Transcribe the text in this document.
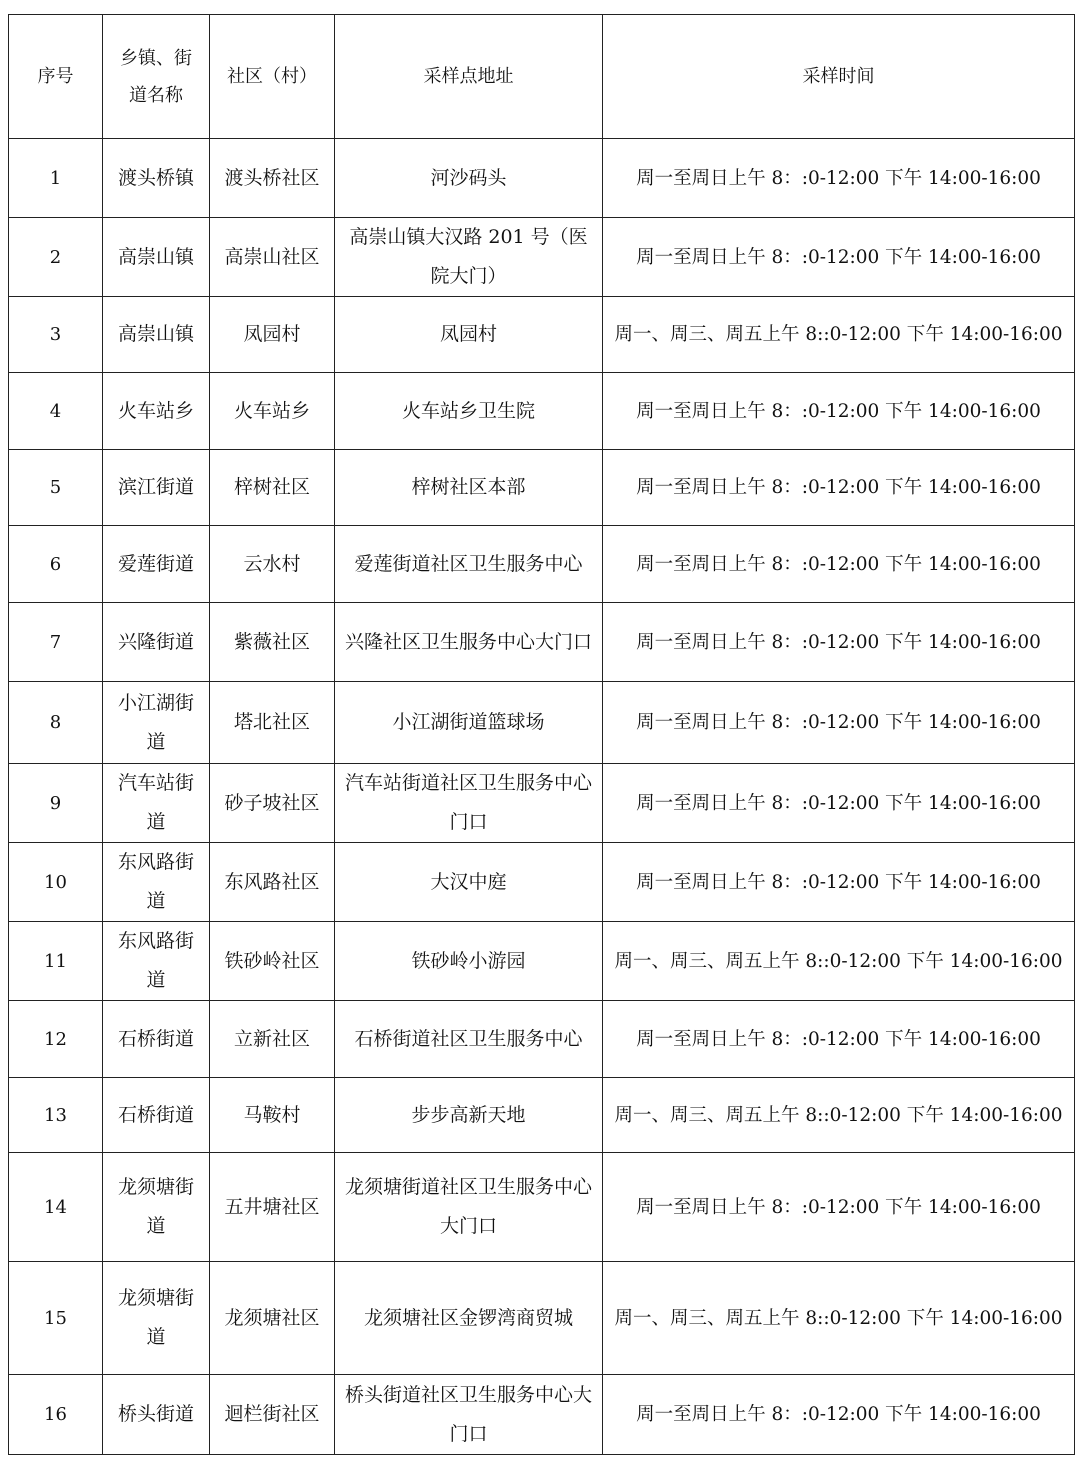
序号	乡镇、街道名称	社区（村）	采样点地址	采样时间
1	渡头桥镇	渡头桥社区	河沙码头	周一至周日上午 8：:0-12:00 下午 14:00-16:00
2	高崇山镇	高崇山社区	高崇山镇大汉路 201 号（医院大门）	周一至周日上午 8：:0-12:00 下午 14:00-16:00
3	高崇山镇	凤园村	凤园村	周一、周三、周五上午 8::0-12:00 下午 14:00-16:00
4	火车站乡	火车站乡	火车站乡卫生院	周一至周日上午 8：:0-12:00 下午 14:00-16:00
5	滨江街道	梓树社区	梓树社区本部	周一至周日上午 8：:0-12:00 下午 14:00-16:00
6	爱莲街道	云水村	爱莲街道社区卫生服务中心	周一至周日上午 8：:0-12:00 下午 14:00-16:00
7	兴隆街道	紫薇社区	兴隆社区卫生服务中心大门口	周一至周日上午 8：:0-12:00 下午 14:00-16:00
8	小江湖街道	塔北社区	小江湖街道篮球场	周一至周日上午 8：:0-12:00 下午 14:00-16:00
9	汽车站街道	砂子坡社区	汽车站街道社区卫生服务中心门口	周一至周日上午 8：:0-12:00 下午 14:00-16:00
10	东风路街道	东风路社区	大汉中庭	周一至周日上午 8：:0-12:00 下午 14:00-16:00
11	东风路街道	铁砂岭社区	铁砂岭小游园	周一、周三、周五上午 8::0-12:00 下午 14:00-16:00
12	石桥街道	立新社区	石桥街道社区卫生服务中心	周一至周日上午 8：:0-12:00 下午 14:00-16:00
13	石桥街道	马鞍村	步步高新天地	周一、周三、周五上午 8::0-12:00 下午 14:00-16:00
14	龙须塘街道	五井塘社区	龙须塘街道社区卫生服务中心大门口	周一至周日上午 8：:0-12:00 下午 14:00-16:00
15	龙须塘街道	龙须塘社区	龙须塘社区金锣湾商贸城	周一、周三、周五上午 8::0-12:00 下午 14:00-16:00
16	桥头街道	迴栏街社区	桥头街道社区卫生服务中心大门口	周一至周日上午 8：:0-12:00 下午 14:00-16:00
